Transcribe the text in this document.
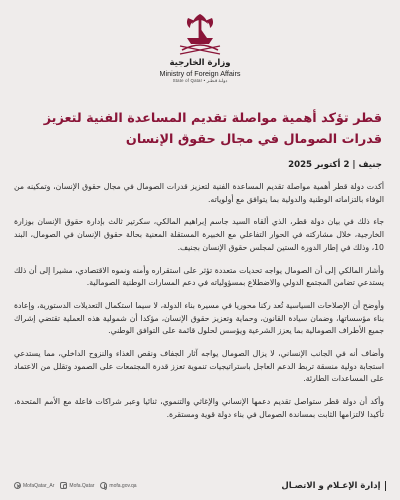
وزارة الخارجية
Ministry of Foreign Affairs
State of Qatar • دولـة قـطـر
قطر تؤكد أهمية مواصلة تقديم المساعدة الفنية لتعزيز قدرات الصومال في مجال حقوق الإنسان
جنيف | 2 أكتوبر 2025

أكدت دولة قطر أهمية مواصلة تقديم المساعدة الفنية لتعزيز قدرات الصومال في مجال حقوق الإنسان، وتمكينه من الوفاء بالتزاماته الوطنية والدولية بما يتوافق مع أولوياته.

جاء ذلك في بيان دولة قطر، الذي ألقاه السيد جاسم إبراهيم المالكي، سكرتير ثالث بإدارة حقوق الإنسان بوزارة الخارجية، خلال مشاركته في الحوار التفاعلي مع الخبيرة المستقلة المعنية بحالة حقوق الإنسان في الصومال، البند 10، وذلك في إطار الدورة الستين لمجلس حقوق الإنسان بجنيف.

وأشار المالكي إلى أن الصومال يواجه تحديات متعددة تؤثر على استقراره وأمنه ونموه الاقتصادي، مشيرا إلى أن ذلك يستدعي تضامن المجتمع الدولي والاضطلاع بمسؤولياته في دعم المسارات الوطنية الصومالية.

وأوضح أن الإصلاحات السياسية تُعد ركنا محوريا في مسيرة بناء الدولة، لا سيما استكمال التعديلات الدستورية، وإعادة بناء مؤسساتها، وضمان سيادة القانون، وحماية وتعزيز حقوق الإنسان، مؤكدا أن شمولية هذه العملية تقتضي إشراك جميع الأطراف الصومالية بما يعزز الشرعية ويؤسس لحلول قائمة على التوافق الوطني.

وأضاف أنه في الجانب الإنساني، لا يزال الصومال يواجه آثار الجفاف ونقص الغذاء والنزوح الداخلي، مما يستدعي استجابة دولية منسقة تربط الدعم العاجل باستراتيجيات تنموية تعزز قدرة المجتمعات على الصمود وتقلل من الاعتماد على المساعدات الطارئة.

وأكد أن دولة قطر ستواصل تقديم دعمها الإنساني والإغاثي والتنموي، ثنائيا وعبر شراكات فاعلة مع الأمم المتحدة، تأكيدا لالتزامها الثابت بمساندة الصومال في بناء دولة قوية ومستقرة.

إدارة الإعـلام و الاتصـال
MofaQatar_Ar	Mofa.Qatar	mofa.gov.qa
